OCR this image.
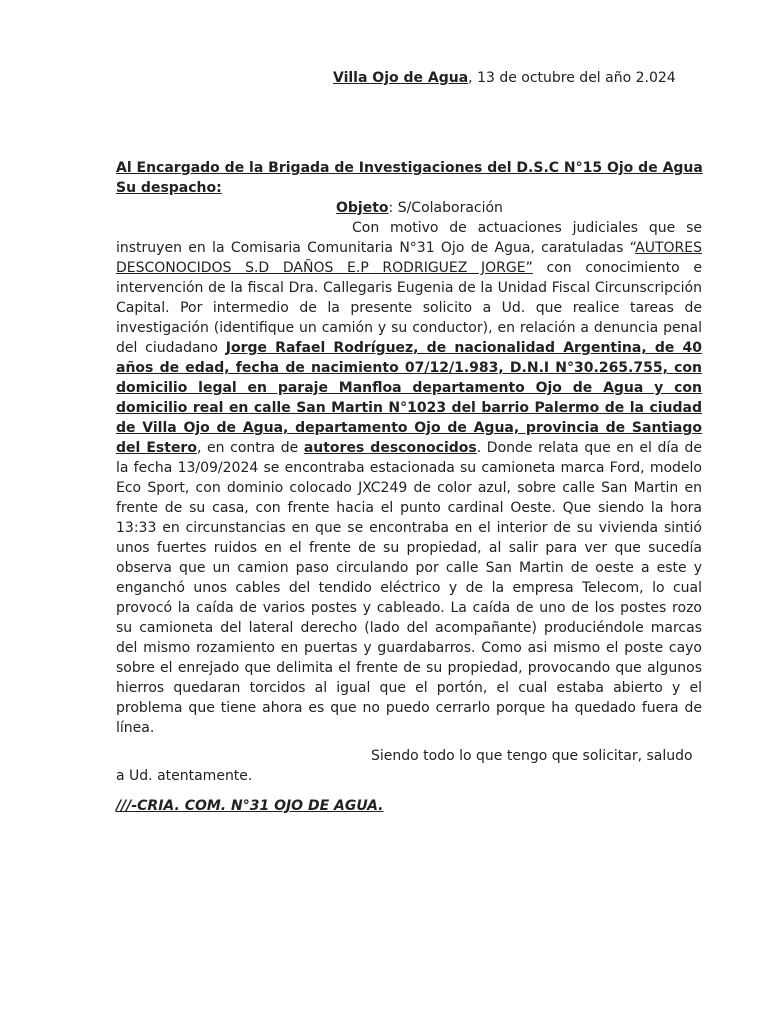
Villa Ojo de Agua, 13 de octubre del año 2.024
Al Encargado de la Brigada de Investigaciones del D.S.C N°15 Ojo de Agua
Su despacho:
Objeto: S/Colaboración

Con motivo de actuaciones judiciales que se instruyen en la Comisaria Comunitaria N°31 Ojo de Agua, caratuladas “AUTORES DESCONOCIDOS S.D DAÑOS E.P RODRIGUEZ JORGE” con conocimiento e intervención de la fiscal Dra. Callegaris Eugenia de la Unidad Fiscal Circunscripción Capital. Por intermedio de la presente solicito a Ud. que realice tareas de investigación (identifique un camión y su conductor), en relación a denuncia penal del ciudadano Jorge Rafael Rodríguez, de nacionalidad Argentina, de 40 años de edad, fecha de nacimiento 07/12/1.983, D.N.I N°30.265.755, con domicilio legal en paraje Manfloa departamento Ojo de Agua y con domicilio real en calle San Martin N°1023 del barrio Palermo de la ciudad de Villa Ojo de Agua, departamento Ojo de Agua, provincia de Santiago del Estero, en contra de autores desconocidos. Donde relata que en el día de la fecha 13/09/2024 se encontraba estacionada su camioneta marca Ford, modelo Eco Sport, con dominio colocado JXC249 de color azul, sobre calle San Martin en frente de su casa, con frente hacia el punto cardinal Oeste. Que siendo la hora 13:33 en circunstancias en que se encontraba en el interior de su vivienda sintió unos fuertes ruidos en el frente de su propiedad, al salir para ver que sucedía observa que un camion paso circulando por calle San Martin de oeste a este y enganchó unos cables del tendido eléctrico y de la empresa Telecom, lo cual provocó la caída de varios postes y cableado. La caída de uno de los postes rozo su camioneta del lateral derecho (lado del acompañante) produciéndole marcas del mismo rozamiento en puertas y guardabarros. Como asi mismo el poste cayo sobre el enrejado que delimita el frente de su propiedad, provocando que algunos hierros quedaran torcidos al igual que el portón, el cual estaba abierto y el problema que tiene ahora es que no puedo cerrarlo porque ha quedado fuera de línea.

Siendo todo lo que tengo que solicitar, saludo
a Ud. atentamente.
///-CRIA. COM. N°31 OJO DE AGUA.
